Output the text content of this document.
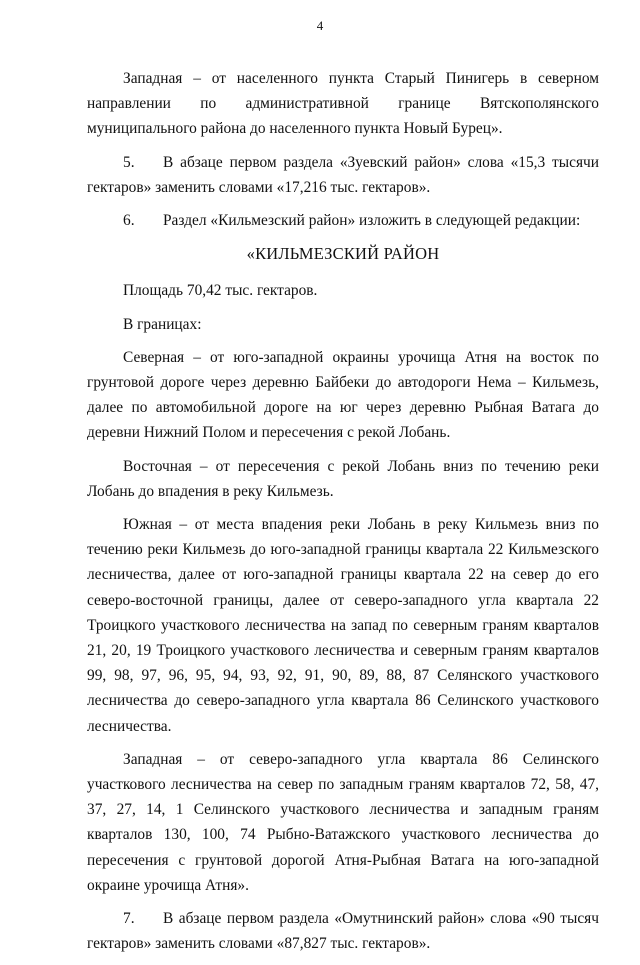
4

Западная – от населенного пункта Старый Пинигерь в северном направлении по административной границе Вятскополянского муниципального района до населенного пункта Новый Бурец».

5. В абзаце первом раздела «Зуевский район» слова «15,3 тысячи гектаров» заменить словами «17,216 тыс. гектаров».

6. Раздел «Кильмезский район» изложить в следующей редакции:

«КИЛЬМЕЗСКИЙ РАЙОН

Площадь 70,42 тыс. гектаров.

В границах:

Северная – от юго-западной окраины урочища Атня на восток по грунтовой дороге через деревню Байбеки до автодороги Нема – Кильмезь, далее по автомобильной дороге на юг через деревню Рыбная Ватага до деревни Нижний Полом и пересечения с рекой Лобань.

Восточная – от пересечения с рекой Лобань вниз по течению реки Лобань до впадения в реку Кильмезь.

Южная – от места впадения реки Лобань в реку Кильмезь вниз по течению реки Кильмезь до юго-западной границы квартала 22 Кильмезского лесничества, далее от юго-западной границы квартала 22 на север до его северо-восточной границы, далее от северо-западного угла квартала 22 Троицкого участкового лесничества на запад по северным граням кварталов 21, 20, 19 Троицкого участкового лесничества и северным граням кварталов 99, 98, 97, 96, 95, 94, 93, 92, 91, 90, 89, 88, 87 Селянского участкового лесничества до северо-западного угла квартала 86 Селинского участкового лесничества.

Западная – от северо-западного угла квартала 86 Селинского участкового лесничества на север по западным граням кварталов 72, 58, 47, 37, 27, 14, 1 Селинского участкового лесничества и западным граням кварталов 130, 100, 74 Рыбно-Ватажского участкового лесничества до пересечения с грунтовой дорогой Атня-Рыбная Ватага на юго-западной окраине урочища Атня».

7. В абзаце первом раздела «Омутнинский район» слова «90 тысяч гектаров» заменить словами «87,827 тыс. гектаров».
